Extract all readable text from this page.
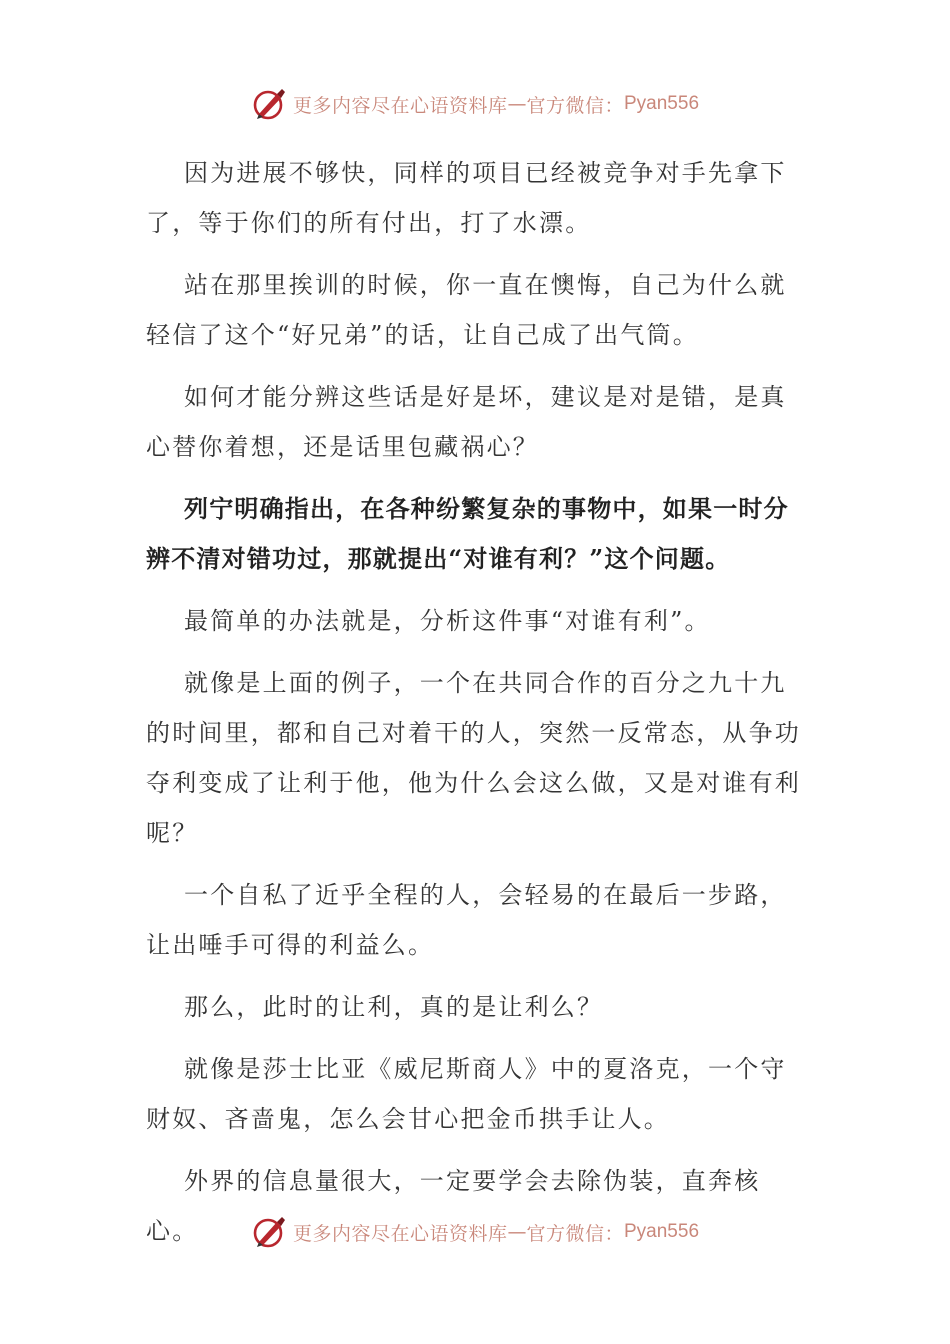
更多内容尽在心语资料库 — 官方微信： Pyan556

因为进展不够快，同样的项目已经被竞争对手先拿下了，等于你们的所有付出，打了水漂。

站在那里挨训的时候，你一直在懊悔，自己为什么就轻信了这个“好兄弟”的话，让自己成了出气筒。

如何才能分辨这些话是好是坏，建议是对是错，是真心替你着想，还是话里包藏祸心？

列宁明确指出，在各种纷繁复杂的事物中，如果一时分辨不清对错功过，那就提出“对谁有利？”这个问题。

最简单的办法就是，分析这件事“对谁有利”。

就像是上面的例子，一个在共同合作的百分之九十九的时间里，都和自己对着干的人，突然一反常态，从争功夺利变成了让利于他，他为什么会这么做，又是对谁有利呢？

一个自私了近乎全程的人，会轻易的在最后一步路，让出唾手可得的利益么。

那么，此时的让利，真的是让利么？

就像是莎士比亚《威尼斯商人》中的夏洛克，一个守财奴、吝啬鬼，怎么会甘心把金币拱手让人。

外界的信息量很大，一定要学会去除伪装，直奔核心。	更多内容尽在心语资料库 — 官方微信： Pyan556
